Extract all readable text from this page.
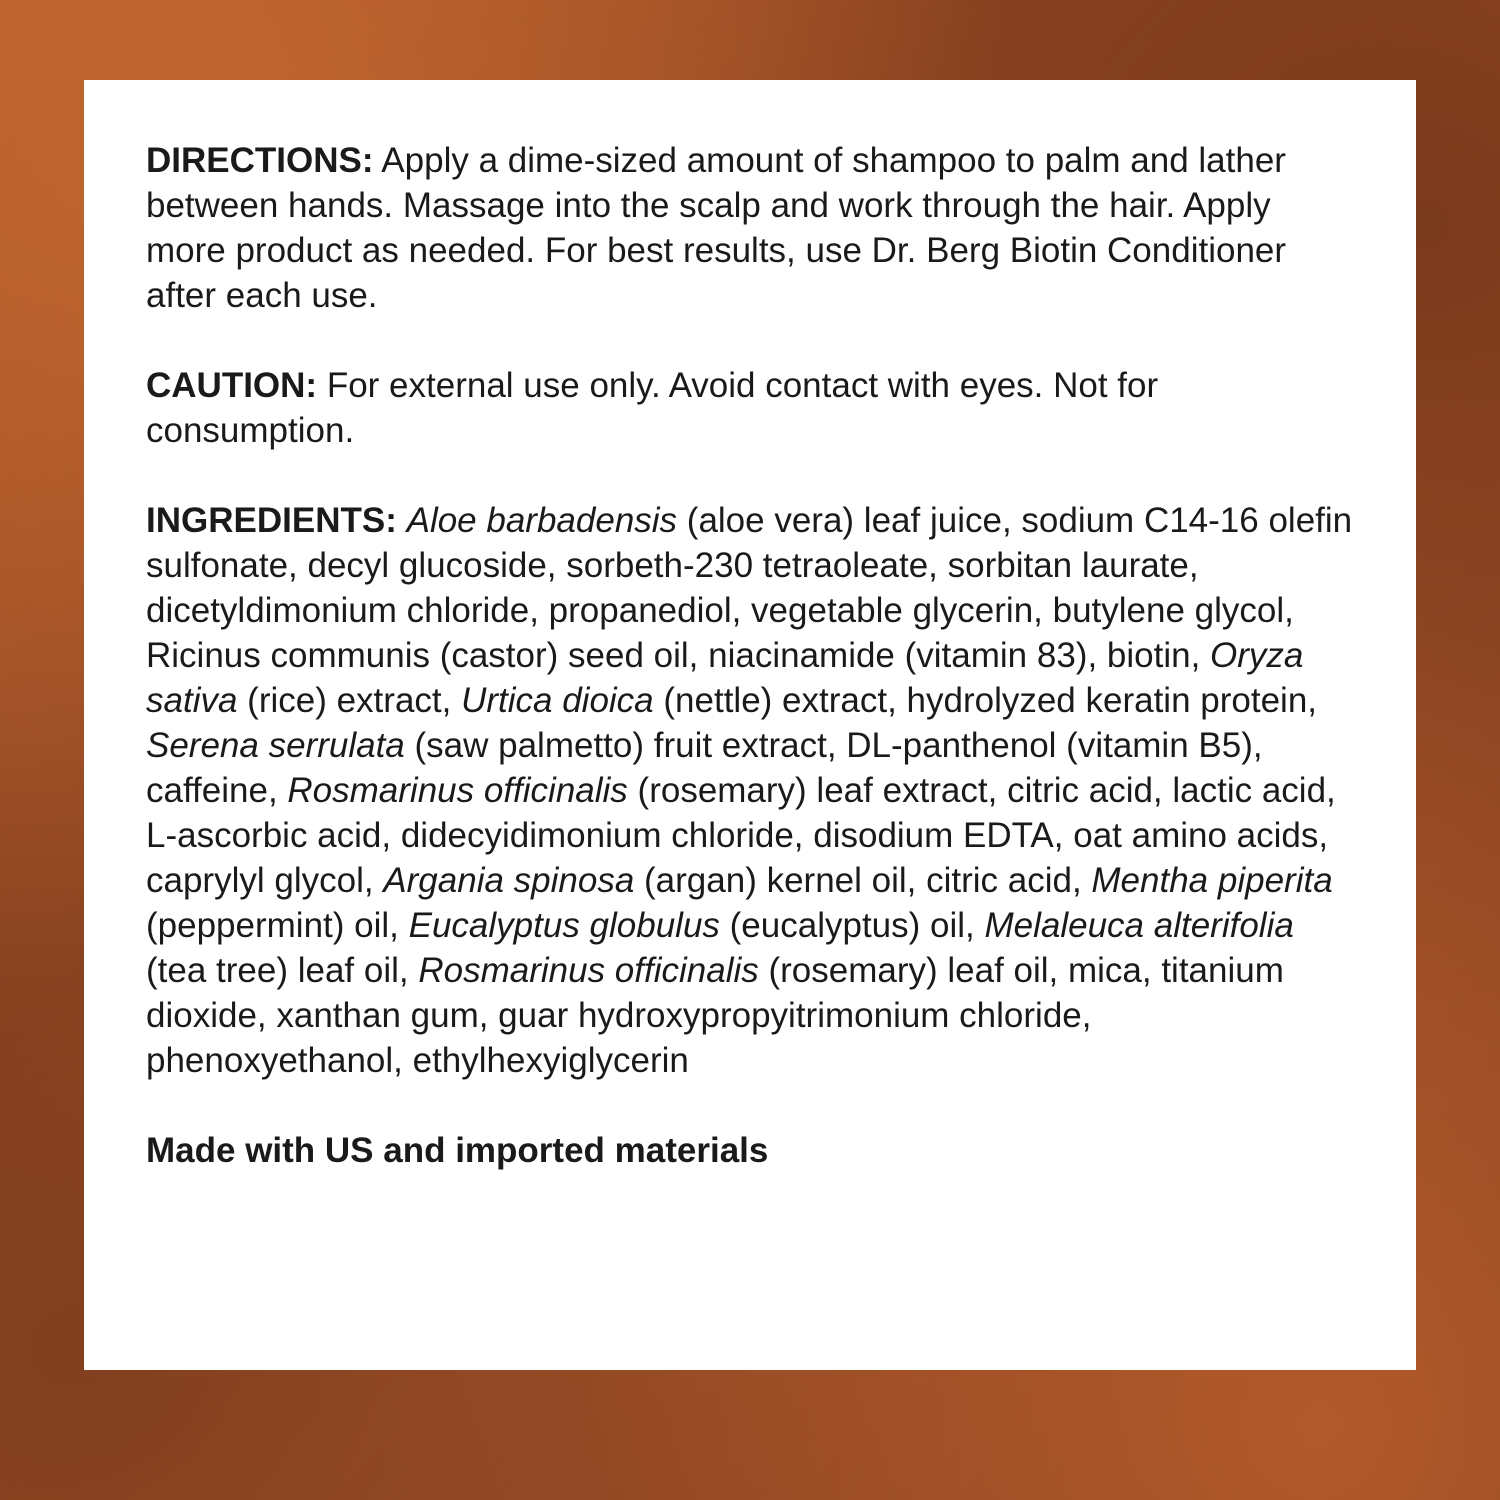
DIRECTIONS: Apply a dime-sized amount of shampoo to palm and lather between hands. Massage into the scalp and work through the hair. Apply more product as needed. For best results, use Dr. Berg Biotin Conditioner after each use.

CAUTION: For external use only. Avoid contact with eyes. Not for consumption.

INGREDIENTS: Aloe barbadensis (aloe vera) leaf juice, sodium C14-16 olefin sulfonate, decyl glucoside, sorbeth-230 tetraoleate, sorbitan laurate, dicetyldimonium chloride, propanediol, vegetable glycerin, butylene glycol, Ricinus communis (castor) seed oil, niacinamide (vitamin 83), biotin, Oryza sativa (rice) extract, Urtica dioica (nettle) extract, hydrolyzed keratin protein, Serena serrulata (saw palmetto) fruit extract, DL-panthenol (vitamin B5), caffeine, Rosmarinus officinalis (rosemary) leaf extract, citric acid, lactic acid, L-ascorbic acid, didecyidimonium chloride, disodium EDTA, oat amino acids, caprylyl glycol, Argania spinosa (argan) kernel oil, citric acid, Mentha piperita (peppermint) oil, Eucalyptus globulus (eucalyptus) oil, Melaleuca alterifolia (tea tree) leaf oil, Rosmarinus officinalis (rosemary) leaf oil, mica, titanium dioxide, xanthan gum, guar hydroxypropyitrimonium chloride, phenoxyethanol, ethylhexyiglycerin

Made with US and imported materials
